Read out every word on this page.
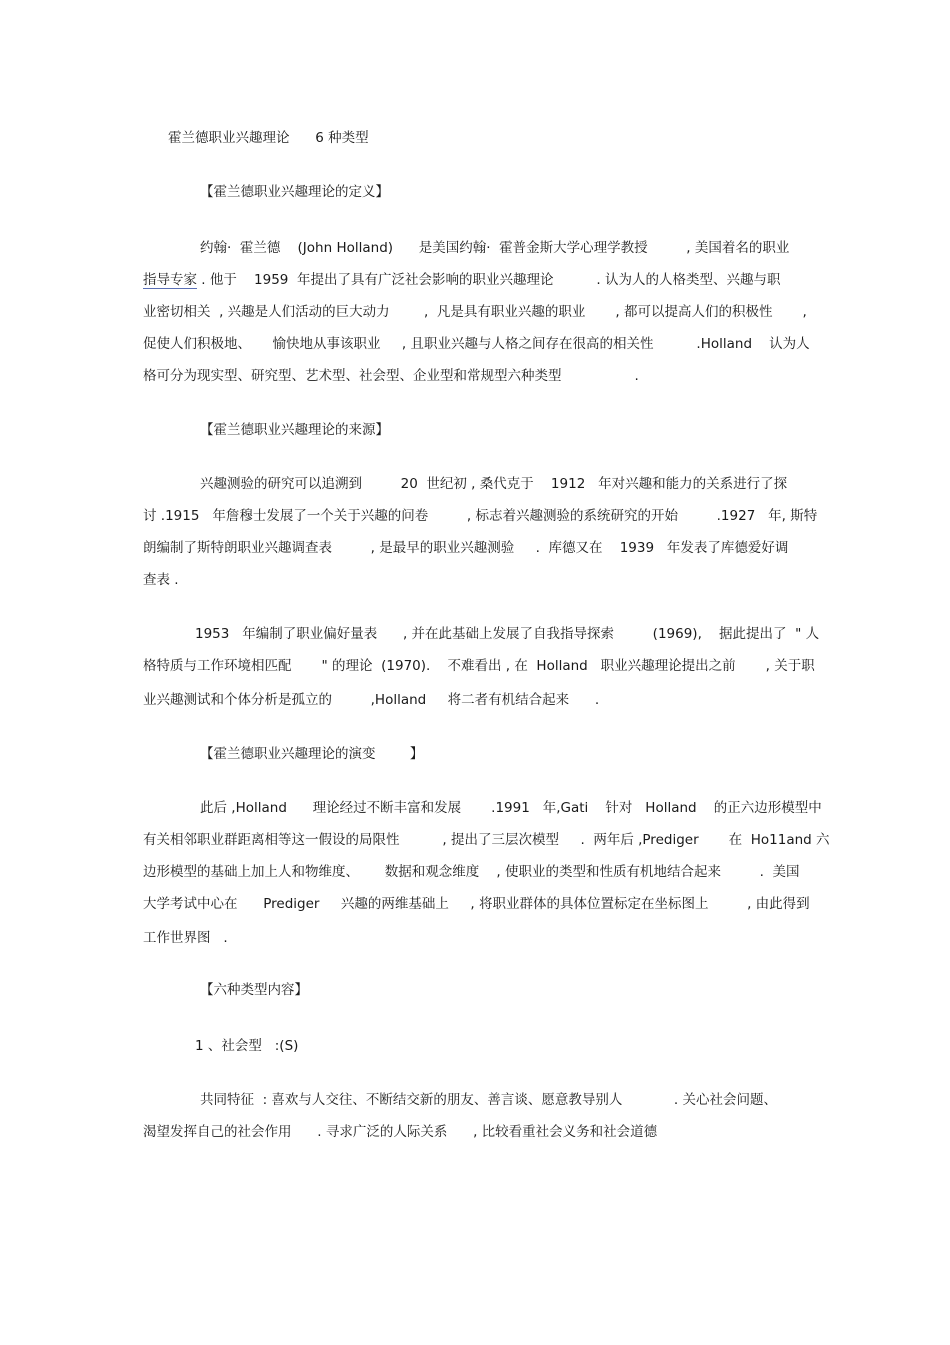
霍兰德职业兴趣理论      6 种类型
【霍兰德职业兴趣理论的定义】
约翰·  霍兰德    (John Holland)      是美国约翰·  霍普金斯大学心理学教授         , 美国着名的职业
指导专家 . 他于    1959  年提出了具有广泛社会影响的职业兴趣理论          . 认为人的人格类型、兴趣与职
业密切相关  , 兴趣是人们活动的巨大动力        ,  凡是具有职业兴趣的职业       , 都可以提高人们的积极性       ,
促使人们积极地、     愉快地从事该职业     , 且职业兴趣与人格之间存在很高的相关性          .Holland    认为人
格可分为现实型、研究型、艺术型、社会型、企业型和常规型六种类型                 .
【霍兰德职业兴趣理论的来源】
兴趣测验的研究可以追溯到         20  世纪初 , 桑代克于    1912   年对兴趣和能力的关系进行了探
讨 .1915   年詹穆士发展了一个关于兴趣的问卷         , 标志着兴趣测验的系统研究的开始         .1927   年, 斯特
朗编制了斯特朗职业兴趣调查表         , 是最早的职业兴趣测验     .  库德又在    1939   年发表了库德爱好调
查表 .
1953   年编制了职业偏好量表      , 并在此基础上发展了自我指导探索         (1969),    据此提出了  " 人
格特质与工作环境相匹配       " 的理论  (1970).    不难看出 , 在  Holland   职业兴趣理论提出之前       , 关于职
业兴趣测试和个体分析是孤立的         ,Holland     将二者有机结合起来      .
【霍兰德职业兴趣理论的演变        】
此后 ,Holland      理论经过不断丰富和发展       .1991   年,Gati    针对   Holland    的正六边形模型中
有关相邻职业群距离相等这一假设的局限性          , 提出了三层次模型     .  两年后 ,Prediger       在  Ho11and 六
边形模型的基础上加上人和物维度、      数据和观念维度    , 使职业的类型和性质有机地结合起来         .  美国
大学考试中心在      Prediger     兴趣的两维基础上     , 将职业群体的具体位置标定在坐标图上         , 由此得到
工作世界图   .
【六种类型内容】
1 、社会型   :(S)
共同特征  : 喜欢与人交往、不断结交新的朋友、善言谈、愿意教导别人            . 关心社会问题、
渴望发挥自己的社会作用      . 寻求广泛的人际关系      , 比较看重社会义务和社会道德
